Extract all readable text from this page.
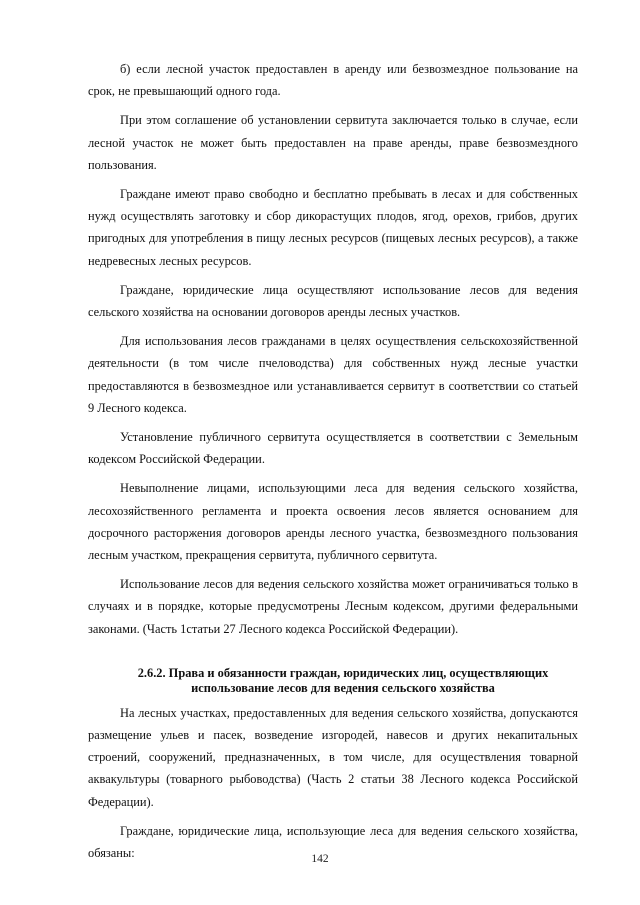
б) если лесной участок предоставлен в аренду или безвозмездное пользование на срок, не превышающий одного года.

При этом соглашение об установлении сервитута заключается только в случае, если лесной участок не может быть предоставлен на праве аренды, праве безвозмездного пользования.

Граждане имеют право свободно и бесплатно пребывать в лесах и для собственных нужд осуществлять заготовку и сбор дикорастущих плодов, ягод, орехов, грибов, других пригодных для употребления в пищу лесных ресурсов (пищевых лесных ресурсов), а также недревесных лесных ресурсов.

Граждане, юридические лица осуществляют использование лесов для ведения сельского хозяйства на основании договоров аренды лесных участков.

Для использования лесов гражданами в целях осуществления сельскохозяйственной деятельности (в том числе пчеловодства) для собственных нужд лесные участки предоставляются в безвозмездное или устанавливается сервитут в соответствии со статьей 9 Лесного кодекса.

Установление публичного сервитута осуществляется в соответствии с Земельным кодексом Российской Федерации.

Невыполнение лицами, использующими леса для ведения сельского хозяйства, лесохозяйственного регламента и проекта освоения лесов является основанием для досрочного расторжения договоров аренды лесного участка, безвозмездного пользования лесным участком, прекращения сервитута, публичного сервитута.

Использование лесов для ведения сельского хозяйства может ограничиваться только в случаях и в порядке, которые предусмотрены Лесным кодексом, другими федеральными законами. (Часть 1статьи 27 Лесного кодекса Российской Федерации).

2.6.2. Права и обязанности граждан, юридических лиц, осуществляющих
использование лесов для ведения сельского хозяйства

На лесных участках, предоставленных для ведения сельского хозяйства, допускаются размещение ульев и пасек, возведение изгородей, навесов и других некапитальных строений, сооружений, предназначенных, в том числе, для осуществления товарной аквакультуры (товарного рыбоводства) (Часть 2 статьи 38 Лесного кодекса Российской Федерации).

Граждане, юридические лица, использующие леса для ведения сельского хозяйства, обязаны:	142
